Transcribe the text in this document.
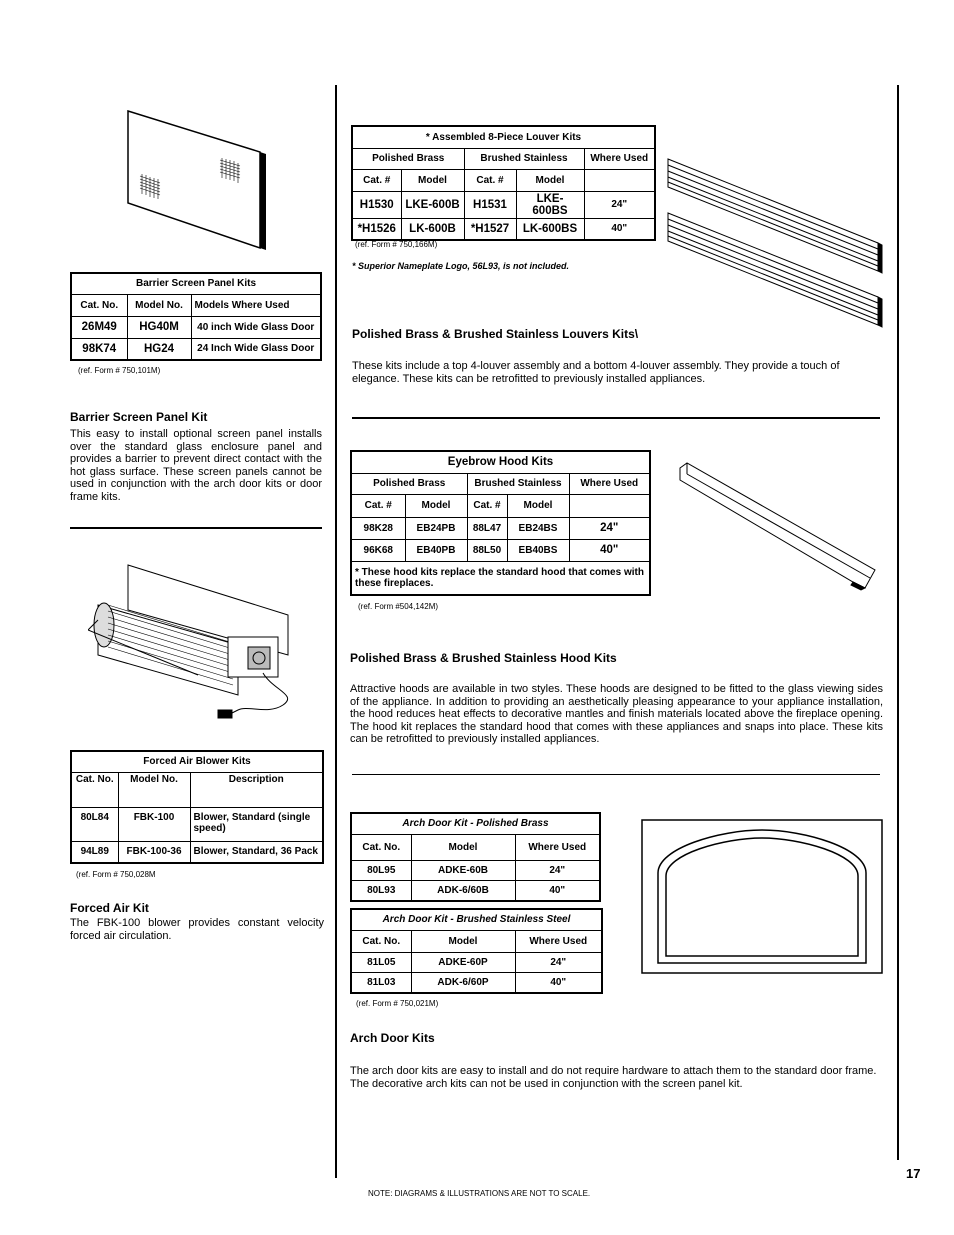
Barrier Screen Panel Kits		
Cat. No.	Model No.	Models Where Used
26M49	HG40M	40 inch Wide Glass Door
98K74	HG24	24 Inch Wide Glass Door
(ref. Form # 750,101M)
Barrier Screen Panel Kit
This easy to install optional screen panel installs over the standard glass enclosure panel and provides a barrier to prevent direct contact with the hot glass surface. These screen panels cannot be used in conjunction with the arch door kits or door frame kits.
Forced Air Blower Kits		
Cat. No.	Model No.	Description
80L84	FBK-100	Blower, Standard (single speed)
94L89	FBK-100-36	Blower, Standard, 36 Pack
(ref. Form # 750,028M
Forced Air Kit
The FBK-100 blower provides constant velocity forced air circulation.
* Assembled 8-Piece Louver Kits				
Polished Brass		Brushed Stainless		Where Used
Cat. #	Model	Cat. #	Model	
H1530	LKE-600B	H1531	LKE-600BS	24"
*H1526	LK-600B	*H1527	LK-600BS	40"
(ref. Form # 750,166M)
* Superior Nameplate Logo, 56L93, is not included.
Polished Brass & Brushed Stainless Louvers Kits\
These kits include a top 4-louver assembly and a bottom 4-louver assembly. They provide a touch of elegance. These kits can be retrofitted to previously installed appliances.
Eyebrow Hood Kits				
Polished Brass		Brushed Stainless		Where Used
Cat. #	Model	Cat. #	Model	
98K28	EB24PB	88L47	EB24BS	24"
96K68	EB40PB	88L50	EB40BS	40"
* These hood kits replace the standard hood that comes with these fireplaces.				
(ref. Form #504,142M)
Polished Brass & Brushed Stainless Hood Kits
Attractive hoods are available in two styles. These hoods are designed to be fitted to the glass viewing sides of the appliance. In addition to providing an aesthetically pleasing appearance to your appliance installation, the hood reduces heat effects to decorative mantles and finish materials located above the fireplace opening. The hood kit replaces the standard hood that comes with these appliances and snaps into place. These kits can be retrofitted to previously installed appliances.
Arch Door Kit - Polished Brass		
Cat. No.	Model	Where Used
80L95	ADKE-60B	24"
80L93	ADK-6/60B	40"
Arch Door Kit - Brushed Stainless Steel		
Cat. No.	Model	Where Used
81L05	ADKE-60P	24"
81L03	ADK-6/60P	40"
(ref. Form # 750,021M)
Arch Door Kits
The arch door kits are easy to install and do not require hardware to attach them to the standard door frame. The decorative arch kits can not be used in conjunction with the screen panel kit.
17
NOTE: DIAGRAMS & ILLUSTRATIONS ARE NOT TO SCALE.
